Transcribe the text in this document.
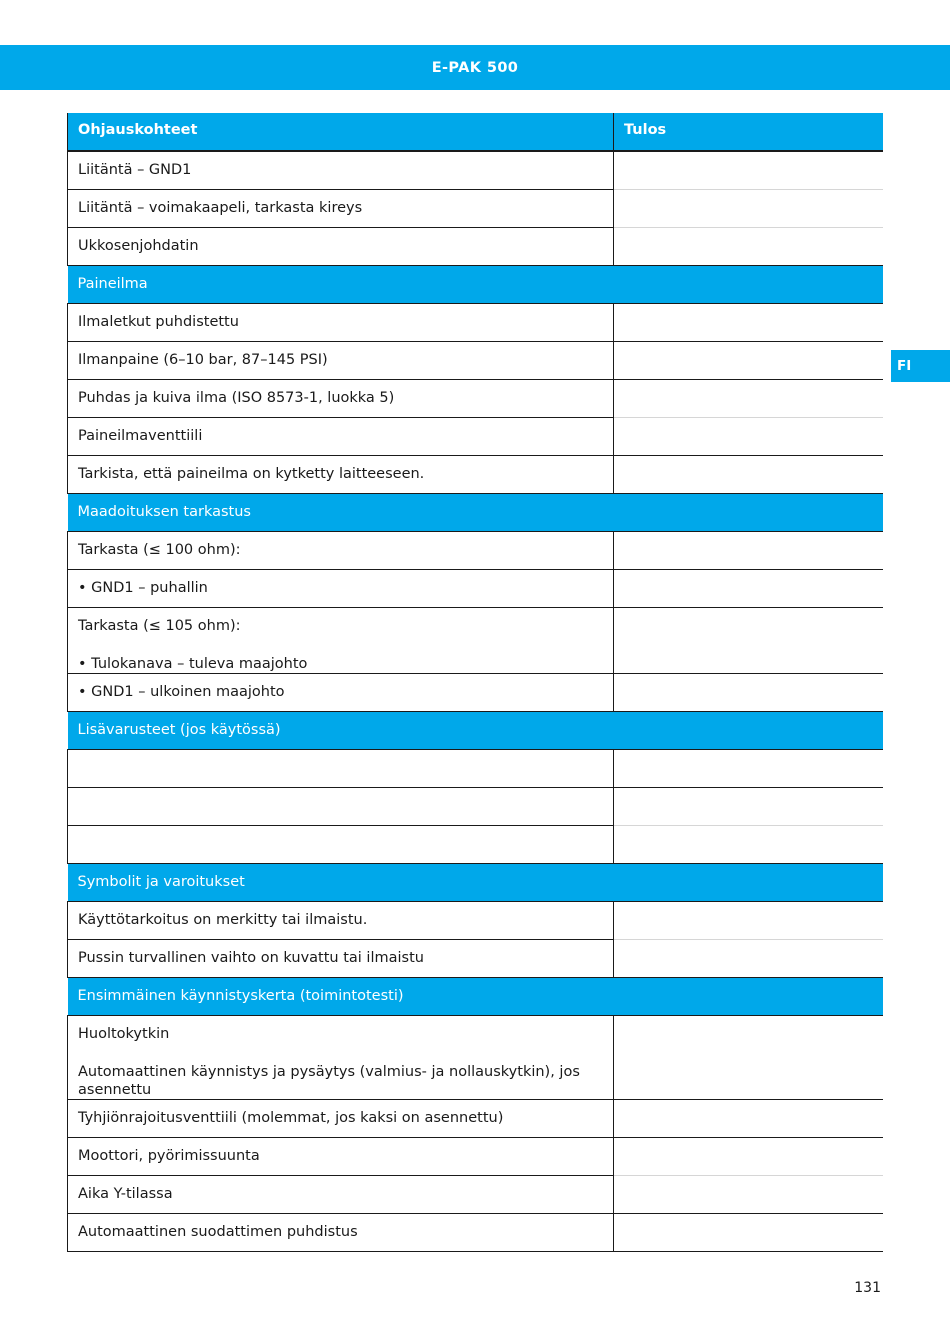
E-PAK 500
FI
Ohjauskohteet	Tulos

Liitäntä – GND1	

Liitäntä – voimakaapeli, tarkasta kireys	

Ukkosenjohdatin	

Paineilma	

Ilmaletkut puhdistettu	

Ilmanpaine (6–10 bar, 87–145 PSI)	

Puhdas ja kuiva ilma (ISO 8573-1, luokka 5)	

Paineilmaventtiili	

Tarkista, että paineilma on kytketty laitteeseen.	

Maadoituksen tarkastus	

Tarkasta (≤ 100 ohm):	

• GND1 – puhallin	

Tarkasta (≤ 105 ohm):
• Tulokanava – tuleva maajohto	

• GND1 – ulkoinen maajohto	

Lisävarusteet (jos käytössä)	

Symbolit ja varoitukset	

Käyttötarkoitus on merkitty tai ilmaistu.	

Pussin turvallinen vaihto on kuvattu tai ilmaistu	

Ensimmäinen käynnistyskerta (toimintotesti)	

Huoltokytkin
Automaattinen käynnistys ja pysäytys (valmius- ja nollauskytkin), jos asennettu	

Tyhjiönrajoitusventtiili (molemmat, jos kaksi on asennettu)	

Moottori, pyörimissuunta	

Aika Y-tilassa	

Automaattinen suodattimen puhdistus	

131
